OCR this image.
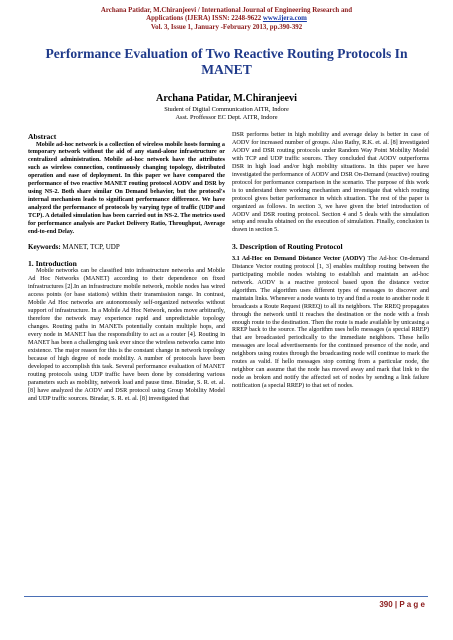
Archana Patidar, M.Chiranjeevi / International Journal of Engineering Research and
Applications (IJERA) ISSN: 2248-9622 www.ijera.com
Vol. 3, Issue 1, January -February 2013, pp.390-392
Performance Evaluation of Two Reactive Routing Protocols In MANET
Archana Patidar, M.Chiranjeevi
Student of Digital Communication AITR, Indore
Asst. Proffessor EC Dept. AITR, Indore
Abstract

Mobile ad-hoc network is a collection of wireless mobile hosts forming a temporary network without the aid of any stand-alone infrastructure or centralized administration. Mobile ad-hoc network have the attributes such as wireless connection, continuously changing topology, distributed operation and ease of deployment. In this paper we have compared the performance of two reactive MANET routing protocol AODV and DSR by using NS-2. Both share similar On Demand behavior, but the protocol's internal mechanism leads to significant performance difference. We have analyzed the performance of protocols by varying type of traffic (UDP and TCP). A detailed simulation has been carried out in NS-2. The metrics used for performance analysis are Packet Delivery Ratio, Throughput, Average end-to-end Delay.

Keywords: MANET, TCP, UDP
1. Introduction

Mobile networks can be classified into infrastructure networks and Mobile Ad Hoc Networks (MANET) according to their dependence on fixed infrastructures [2].In an infrastructure mobile network, mobile nodes has wired access points (or base stations) within their transmission range. In contrast, Mobile Ad Hoc networks are autonomously self-organized networks without support of infrastructure. In a Mobile Ad Hoc Network, nodes move arbitrarily, therefore the network may experience rapid and unpredictable topology changes. Routing paths in MANETs potentially contain multiple hops, and every node in MANET has the responsibility to act as a router [4]. Routing in MANET has been a challenging task ever since the wireless networks came into existence. The major reason for this is the constant change in network topology because of high degree of node mobility. A number of protocols have been developed to accomplish this task. Several performance evaluation of MANET routing protocols using UDP traffic have been done by considering various parameters such as mobility, network load and pause time. Biradar, S. R. et. al. [8] have analyzed the AODV and DSR protocol using Group Mobility Model and UDP traffic sources. Biradar, S. R. et. al. [8] investigated that

DSR performs better in high mobility and average delay is better in case of AODV for increased number of groups. Also Rathy, R.K. et. al. [8] investigated AODV and DSR routing protocols under Random Way Point Mobility Model with TCP and UDP traffic sources. They concluded that AODV outperforms DSR in high load and/or high mobility situations. In this paper we have investigated the performance of AODV and DSR On-Demand (reactive) routing protocol for performance comparison in the scenario. The purpose of this work is to understand there working mechanism and investigate that which routing protocol gives better performance in which situation. The rest of the paper is organized as follows. In section 3, we have given the brief introduction of AODV and DSR routing protocol. Section 4 and 5 deals with the simulation setup and results obtained on the execution of simulation. Finally, conclusion is drawn in section 5.

3. Description of Routing Protocol

3.1 Ad-Hoc on Demand Distance Vector (AODV) The Ad-hoc On-demand Distance Vector routing protocol [1, 3] enables multihop routing between the participating mobile nodes wishing to establish and maintain an ad-hoc network. AODV is a reactive protocol based upon the distance vector algorithm. The algorithm uses different types of messages to discover and maintain links. Whenever a node wants to try and find a route to another node it broadcasts a Route Request (RREQ) to all its neighbors. The RREQ propagates through the network until it reaches the destination or the node with a fresh enough route to the destination. Then the route is made available by unicasing a RREP back to the source. The algorithm uses hello messages (a special RREP) that are broadcasted periodically to the immediate neighbors. These hello messages are local advertisements for the continued presence of the node, and neighbors using routes through the broadcasting node will continue to mark the routes as valid. If hello messages stop coming from a particular node, the neighbor can assume that the node has moved away and mark that link to the node as broken and notify the affected set of nodes by sending a link failure notification (a special RREP) to that set of nodes.

390 | P a g e
